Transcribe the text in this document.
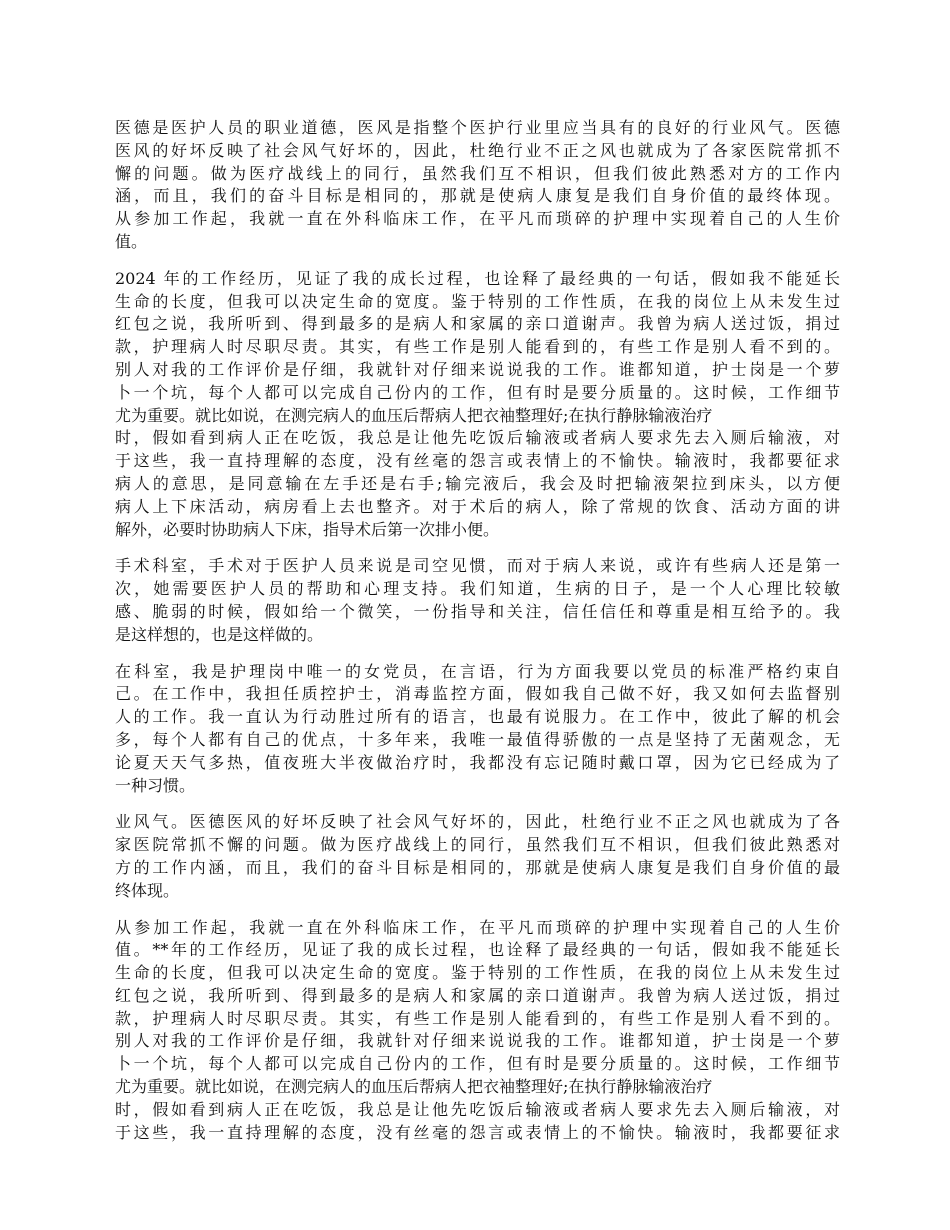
医德是医护人员的职业道德，医风是指整个医护行业里应当具有的良好的行业风气。医德
医风的好坏反映了社会风气好坏的，因此，杜绝行业不正之风也就成为了各家医院常抓不
懈的问题。做为医疗战线上的同行，虽然我们互不相识，但我们彼此熟悉对方的工作内
涵，而且，我们的奋斗目标是相同的，那就是使病人康复是我们自身价值的最终体现。
从参加工作起，我就一直在外科临床工作，在平凡而琐碎的护理中实现着自己的人生价
值。
2024 年的工作经历，见证了我的成长过程，也诠释了最经典的一句话，假如我不能延长
生命的长度，但我可以决定生命的宽度。鉴于特别的工作性质，在我的岗位上从未发生过
红包之说，我所听到、得到最多的是病人和家属的亲口道谢声。我曾为病人送过饭，捐过
款，护理病人时尽职尽责。其实，有些工作是别人能看到的，有些工作是别人看不到的。
别人对我的工作评价是仔细，我就针对仔细来说说我的工作。谁都知道，护士岗是一个萝
卜一个坑，每个人都可以完成自己份内的工作，但有时是要分质量的。这时候，工作细节
尤为重要。就比如说，在测完病人的血压后帮病人把衣袖整理好;在执行静脉输液治疗
时，假如看到病人正在吃饭，我总是让他先吃饭后输液或者病人要求先去入厕后输液，对
于这些，我一直持理解的态度，没有丝毫的怨言或表情上的不愉快。输液时，我都要征求
病人的意思，是同意输在左手还是右手;输完液后，我会及时把输液架拉到床头，以方便
病人上下床活动，病房看上去也整齐。对于术后的病人，除了常规的饮食、活动方面的讲
解外，必要时协助病人下床，指导术后第一次排小便。
手术科室，手术对于医护人员来说是司空见惯，而对于病人来说，或许有些病人还是第一
次，她需要医护人员的帮助和心理支持。我们知道，生病的日子，是一个人心理比较敏
感、脆弱的时候，假如给一个微笑，一份指导和关注，信任信任和尊重是相互给予的。我
是这样想的，也是这样做的。
在科室，我是护理岗中唯一的女党员，在言语，行为方面我要以党员的标准严格约束自
己。在工作中，我担任质控护士，消毒监控方面，假如我自己做不好，我又如何去监督别
人的工作。我一直认为行动胜过所有的语言，也最有说服力。在工作中，彼此了解的机会
多，每个人都有自己的优点，十多年来，我唯一最值得骄傲的一点是坚持了无菌观念，无
论夏天天气多热，值夜班大半夜做治疗时，我都没有忘记随时戴口罩，因为它已经成为了
一种习惯。
业风气。医德医风的好坏反映了社会风气好坏的，因此，杜绝行业不正之风也就成为了各
家医院常抓不懈的问题。做为医疗战线上的同行，虽然我们互不相识，但我们彼此熟悉对
方的工作内涵，而且，我们的奋斗目标是相同的，那就是使病人康复是我们自身价值的最
终体现。
从参加工作起，我就一直在外科临床工作，在平凡而琐碎的护理中实现着自己的人生价
值。**年的工作经历，见证了我的成长过程，也诠释了最经典的一句话，假如我不能延长
生命的长度，但我可以决定生命的宽度。鉴于特别的工作性质，在我的岗位上从未发生过
红包之说，我所听到、得到最多的是病人和家属的亲口道谢声。我曾为病人送过饭，捐过
款，护理病人时尽职尽责。其实，有些工作是别人能看到的，有些工作是别人看不到的。
别人对我的工作评价是仔细，我就针对仔细来说说我的工作。谁都知道，护士岗是一个萝
卜一个坑，每个人都可以完成自己份内的工作，但有时是要分质量的。这时候，工作细节
尤为重要。就比如说，在测完病人的血压后帮病人把衣袖整理好;在执行静脉输液治疗
时，假如看到病人正在吃饭，我总是让他先吃饭后输液或者病人要求先去入厕后输液，对
于这些，我一直持理解的态度，没有丝毫的怨言或表情上的不愉快。输液时，我都要征求
